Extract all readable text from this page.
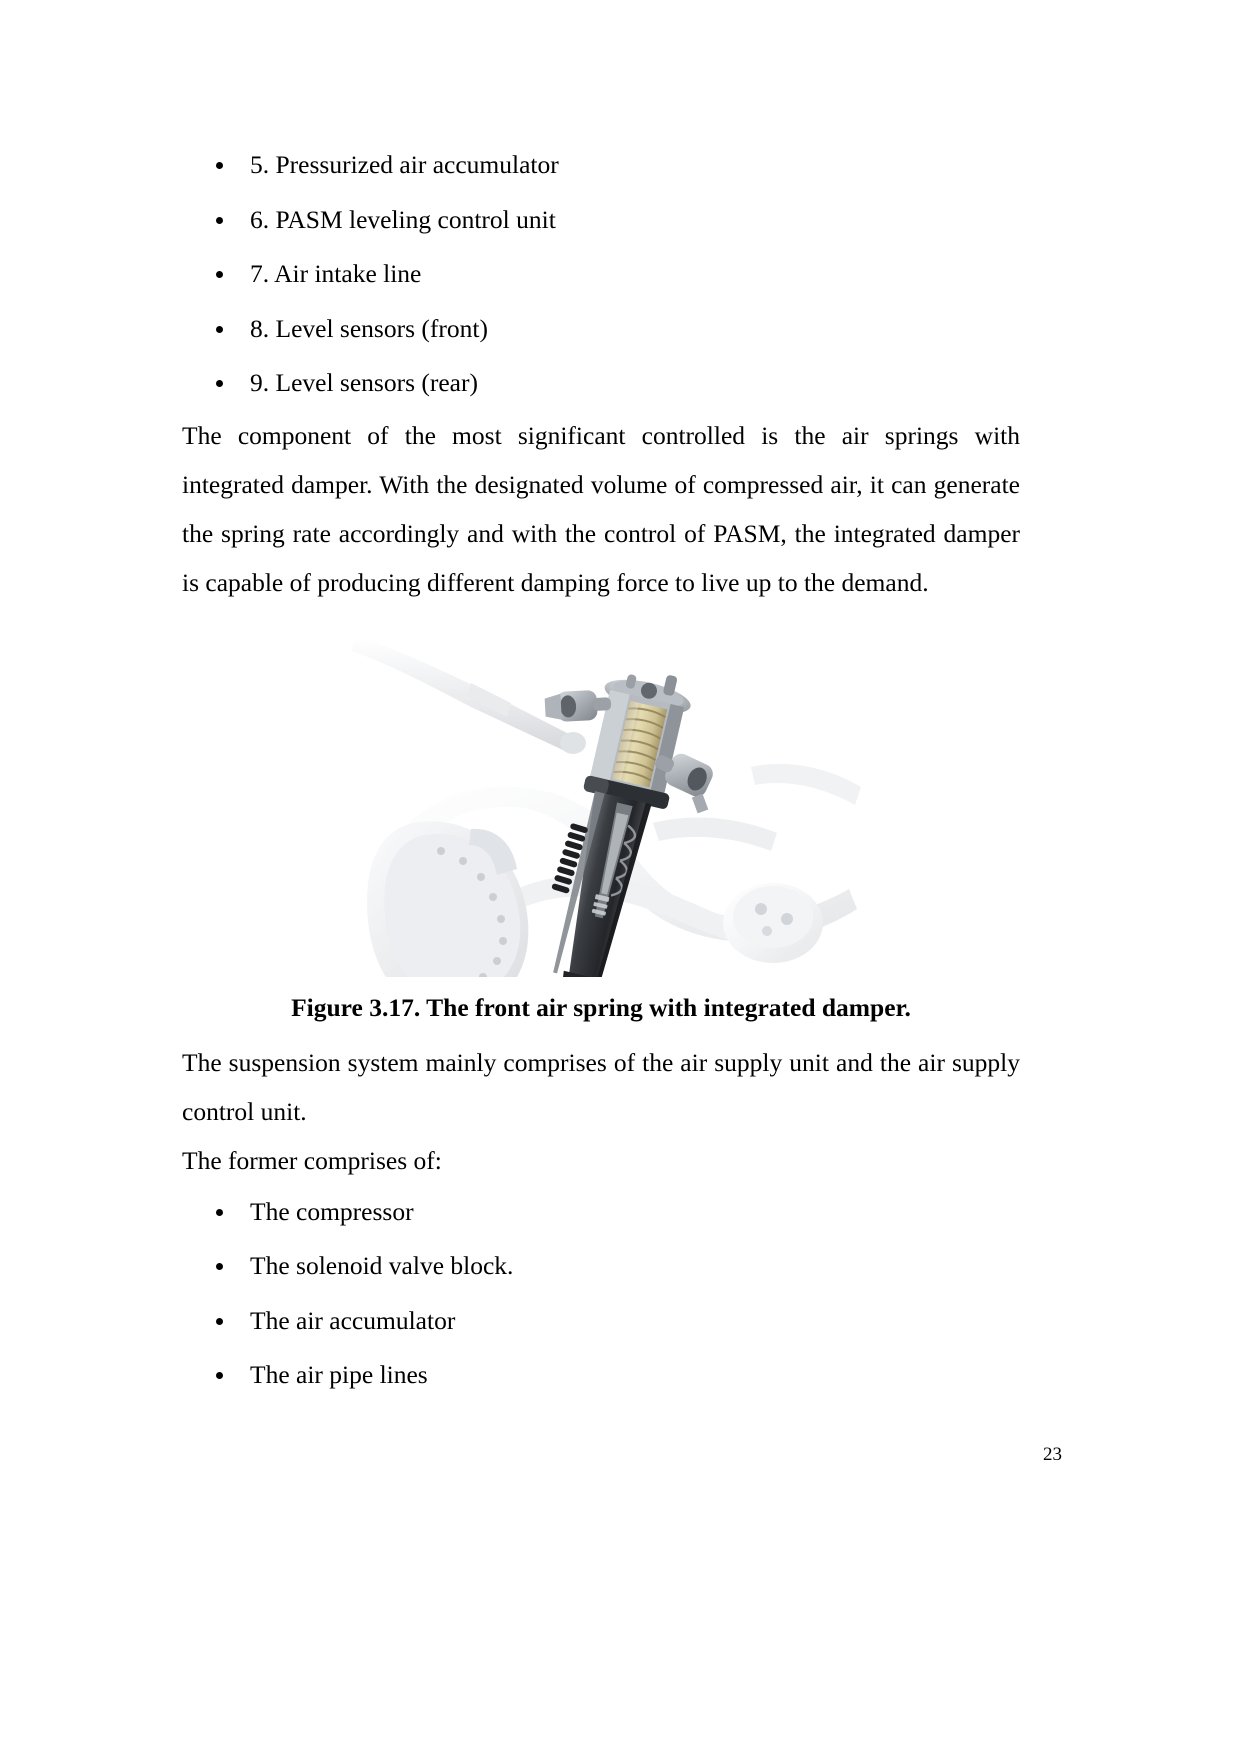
5. Pressurized air accumulator
6. PASM leveling control unit
7. Air intake line
8. Level sensors (front)
9. Level sensors (rear)

The component of the most significant controlled is the air springs with integrated damper. With the designated volume of compressed air, it can generate the spring rate accordingly and with the control of PASM, the integrated damper is capable of producing different damping force to live up to the demand.

Figure 3.17. The front air spring with integrated damper.

The suspension system mainly comprises of the air supply unit and the air supply control unit.

The former comprises of:

The compressor
The solenoid valve block.
The air accumulator
The air pipe lines
23
